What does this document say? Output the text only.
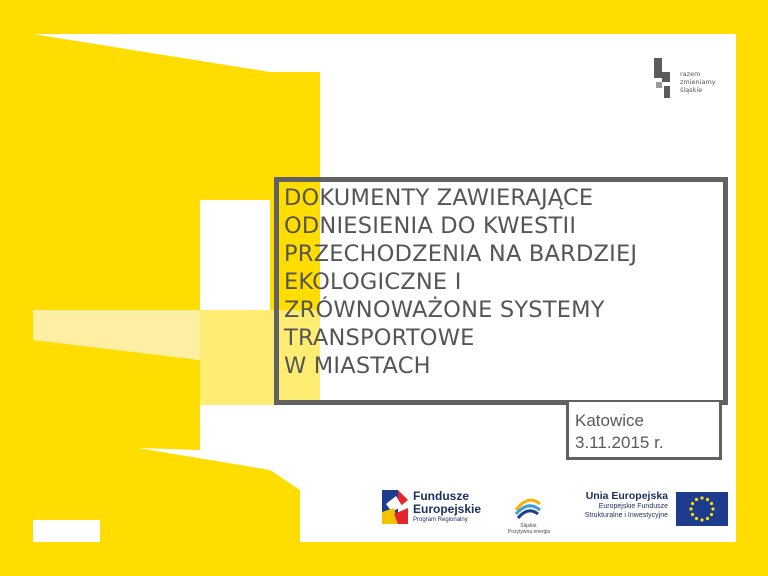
razem
zmieniamy
śląskie
DOKUMENTY ZAWIERAJĄCE
ODNIESIENIA DO KWESTII
PRZECHODZENIA NA BARDZIEJ
EKOLOGICZNE I
ZRÓWNOWAŻONE SYSTEMY
TRANSPORTOWE
W MIASTACH
Katowice
3.11.2015 r.
Fundusze
Europejskie
Program Regionalny
Śląskie.
Pozytywna energia
Unia Europejska
Europejskie Fundusze
Strukturalne i Inwestycyjne
